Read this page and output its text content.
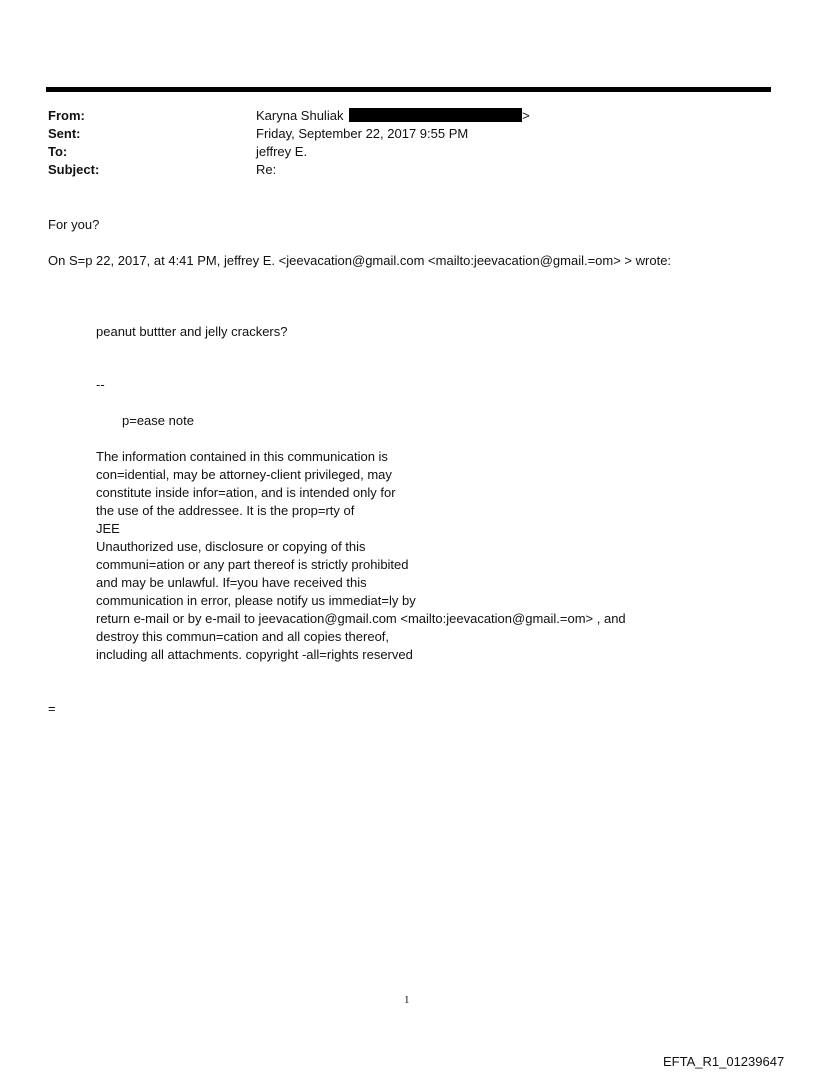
From:	Karyna Shuliak	>
Sent:	Friday, September 22, 2017 9:55 PM
To:	jeffrey E.
Subject:	Re:
For you?
On S=p 22, 2017, at 4:41 PM, jeffrey E. <jeevacation@gmail.com <mailto:jeevacation@gmail.=om> > wrote:
peanut buttter and jelly crackers?
--
p=ease note
The information contained in this communication is
con=idential, may be attorney-client privileged, may
constitute inside infor=ation, and is intended only for
the use of the addressee. It is the prop=rty of
JEE
Unauthorized use, disclosure or copying of this
communi=ation or any part thereof is strictly prohibited
and may be unlawful. If=you have received this
communication in error, please notify us immediat=ly by
return e-mail or by e-mail to jeevacation@gmail.com <mailto:jeevacation@gmail.=om> , and
destroy this commun=cation and all copies thereof,
including all attachments. copyright -all=rights reserved
=
1
EFTA_R1_01239647
